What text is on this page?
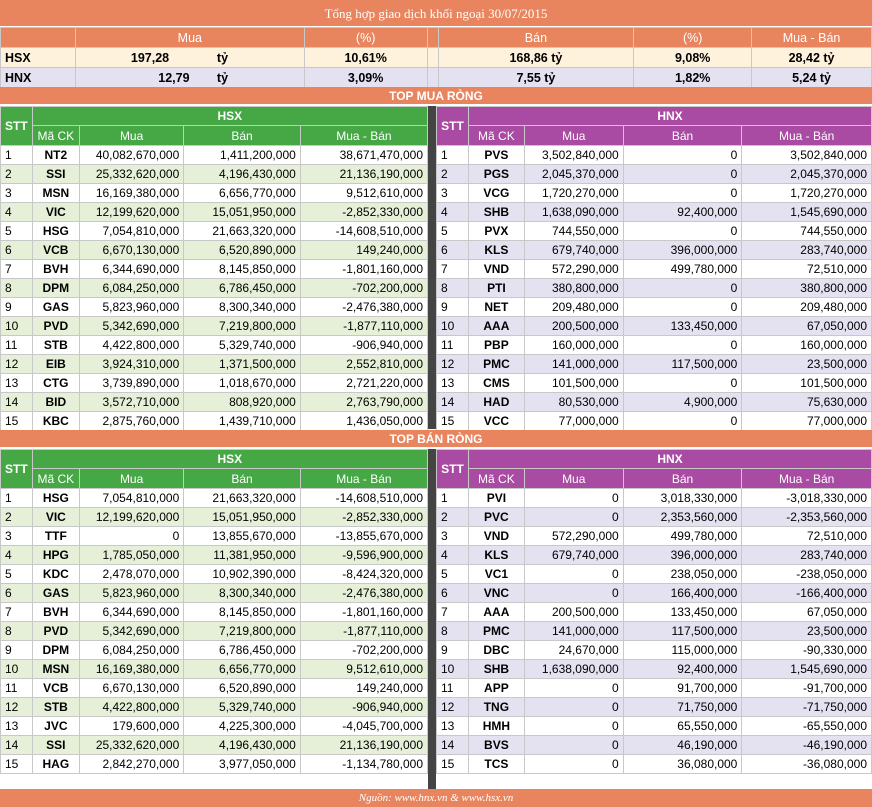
Tổng hợp giao dịch khối ngoại 30/07/2015
	Mua	(%)		Bán	(%)	Mua - Bán
HSX	197,28 tỷ	10,61%		168,86 tỷ	9,08%	28,42 tỷ
HNX	12,79 tỷ	3,09%		7,55 tỷ	1,82%	5,24 tỷ
TOP MUA RÒNG
STT	HSX			
	Mã CK	Mua	Bán	Mua - Bán
1	NT2	40,082,670,000	1,411,200,000	38,671,470,000
2	SSI	25,332,620,000	4,196,430,000	21,136,190,000
3	MSN	16,169,380,000	6,656,770,000	9,512,610,000
4	VIC	12,199,620,000	15,051,950,000	-2,852,330,000
5	HSG	7,054,810,000	21,663,320,000	-14,608,510,000
6	VCB	6,670,130,000	6,520,890,000	149,240,000
7	BVH	6,344,690,000	8,145,850,000	-1,801,160,000
8	DPM	6,084,250,000	6,786,450,000	-702,200,000
9	GAS	5,823,960,000	8,300,340,000	-2,476,380,000
10	PVD	5,342,690,000	7,219,800,000	-1,877,110,000
11	STB	4,422,800,000	5,329,740,000	-906,940,000
12	EIB	3,924,310,000	1,371,500,000	2,552,810,000
13	CTG	3,739,890,000	1,018,670,000	2,721,220,000
14	BID	3,572,710,000	808,920,000	2,763,790,000
15	KBC	2,875,760,000	1,439,710,000	1,436,050,000
STT	HNX			
	Mã CK	Mua	Bán	Mua - Bán
1	PVS	3,502,840,000	0	3,502,840,000
2	PGS	2,045,370,000	0	2,045,370,000
3	VCG	1,720,270,000	0	1,720,270,000
4	SHB	1,638,090,000	92,400,000	1,545,690,000
5	PVX	744,550,000	0	744,550,000
6	KLS	679,740,000	396,000,000	283,740,000
7	VND	572,290,000	499,780,000	72,510,000
8	PTI	380,800,000	0	380,800,000
9	NET	209,480,000	0	209,480,000
10	AAA	200,500,000	133,450,000	67,050,000
11	PBP	160,000,000	0	160,000,000
12	PMC	141,000,000	117,500,000	23,500,000
13	CMS	101,500,000	0	101,500,000
14	HAD	80,530,000	4,900,000	75,630,000
15	VCC	77,000,000	0	77,000,000
TOP BÁN RÒNG
STT	HSX			
	Mã CK	Mua	Bán	Mua - Bán
1	HSG	7,054,810,000	21,663,320,000	-14,608,510,000
2	VIC	12,199,620,000	15,051,950,000	-2,852,330,000
3	TTF	0	13,855,670,000	-13,855,670,000
4	HPG	1,785,050,000	11,381,950,000	-9,596,900,000
5	KDC	2,478,070,000	10,902,390,000	-8,424,320,000
6	GAS	5,823,960,000	8,300,340,000	-2,476,380,000
7	BVH	6,344,690,000	8,145,850,000	-1,801,160,000
8	PVD	5,342,690,000	7,219,800,000	-1,877,110,000
9	DPM	6,084,250,000	6,786,450,000	-702,200,000
10	MSN	16,169,380,000	6,656,770,000	9,512,610,000
11	VCB	6,670,130,000	6,520,890,000	149,240,000
12	STB	4,422,800,000	5,329,740,000	-906,940,000
13	JVC	179,600,000	4,225,300,000	-4,045,700,000
14	SSI	25,332,620,000	4,196,430,000	21,136,190,000
15	HAG	2,842,270,000	3,977,050,000	-1,134,780,000
STT	HNX			
	Mã CK	Mua	Bán	Mua - Bán
1	PVI	0	3,018,330,000	-3,018,330,000
2	PVC	0	2,353,560,000	-2,353,560,000
3	VND	572,290,000	499,780,000	72,510,000
4	KLS	679,740,000	396,000,000	283,740,000
5	VC1	0	238,050,000	-238,050,000
6	VNC	0	166,400,000	-166,400,000
7	AAA	200,500,000	133,450,000	67,050,000
8	PMC	141,000,000	117,500,000	23,500,000
9	DBC	24,670,000	115,000,000	-90,330,000
10	SHB	1,638,090,000	92,400,000	1,545,690,000
11	APP	0	91,700,000	-91,700,000
12	TNG	0	71,750,000	-71,750,000
13	HMH	0	65,550,000	-65,550,000
14	BVS	0	46,190,000	-46,190,000
15	TCS	0	36,080,000	-36,080,000
Nguồn: www.hnx.vn & www.hsx.vn
